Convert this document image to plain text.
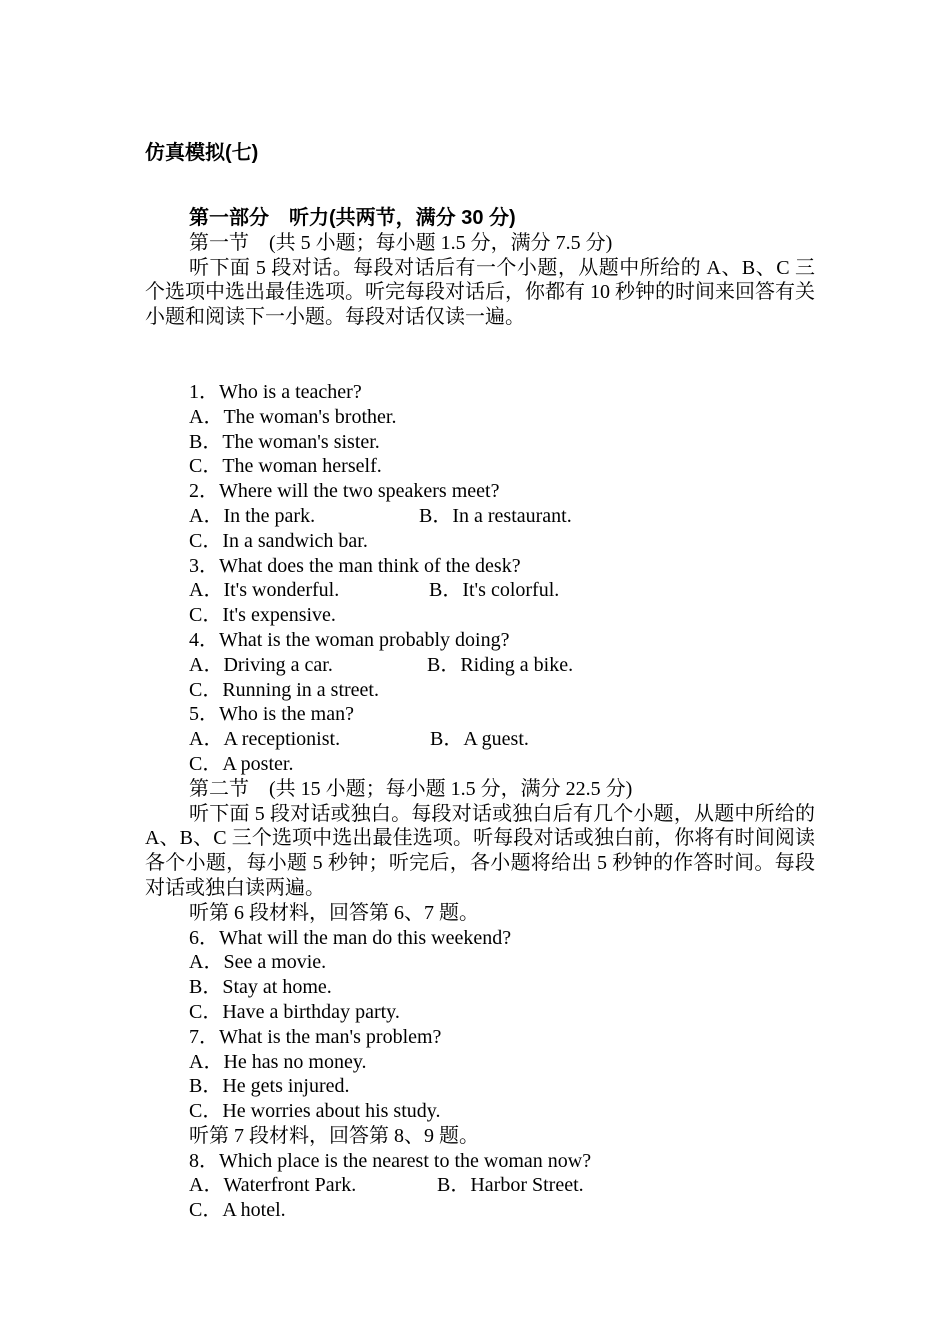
仿真模拟(七)
第一部分　听力(共两节，满分 30 分)
第一节　(共 5 小题；每小题 1.5 分，满分 7.5 分)
听下面 5 段对话。每段对话后有一个小题，从题中所给的 A、B、C 三个选项中选出最佳选项。听完每段对话后，你都有 10 秒钟的时间来回答有关小题和阅读下一小题。每段对话仅读一遍。
1．Who is a teacher?
A．The woman's brother.
B．The woman's sister.
C．The woman herself.
2．Where will the two speakers meet?
A．In the park.	B．In a restaurant.
C．In a sandwich bar.
3．What does the man think of the desk?
A．It's wonderful.	B．It's colorful.
C．It's expensive.
4．What is the woman probably doing?
A．Driving a car.	B．Riding a bike.
C．Running in a street.
5．Who is the man?
A．A receptionist.	B．A guest.
C．A poster.
第二节　(共 15 小题；每小题 1.5 分，满分 22.5 分)
听下面 5 段对话或独白。每段对话或独白后有几个小题，从题中所给的 A、B、C 三个选项中选出最佳选项。听每段对话或独白前，你将有时间阅读各个小题，每小题 5 秒钟；听完后，各小题将给出 5 秒钟的作答时间。每段对话或独白读两遍。
听第 6 段材料，回答第 6、7 题。
6．What will the man do this weekend?
A．See a movie.
B．Stay at home.
C．Have a birthday party.
7．What is the man's problem?
A．He has no money.
B．He gets injured.
C．He worries about his study.
听第 7 段材料，回答第 8、9 题。
8．Which place is the nearest to the woman now?
A．Waterfront Park.	B．Harbor Street.
C．A hotel.
